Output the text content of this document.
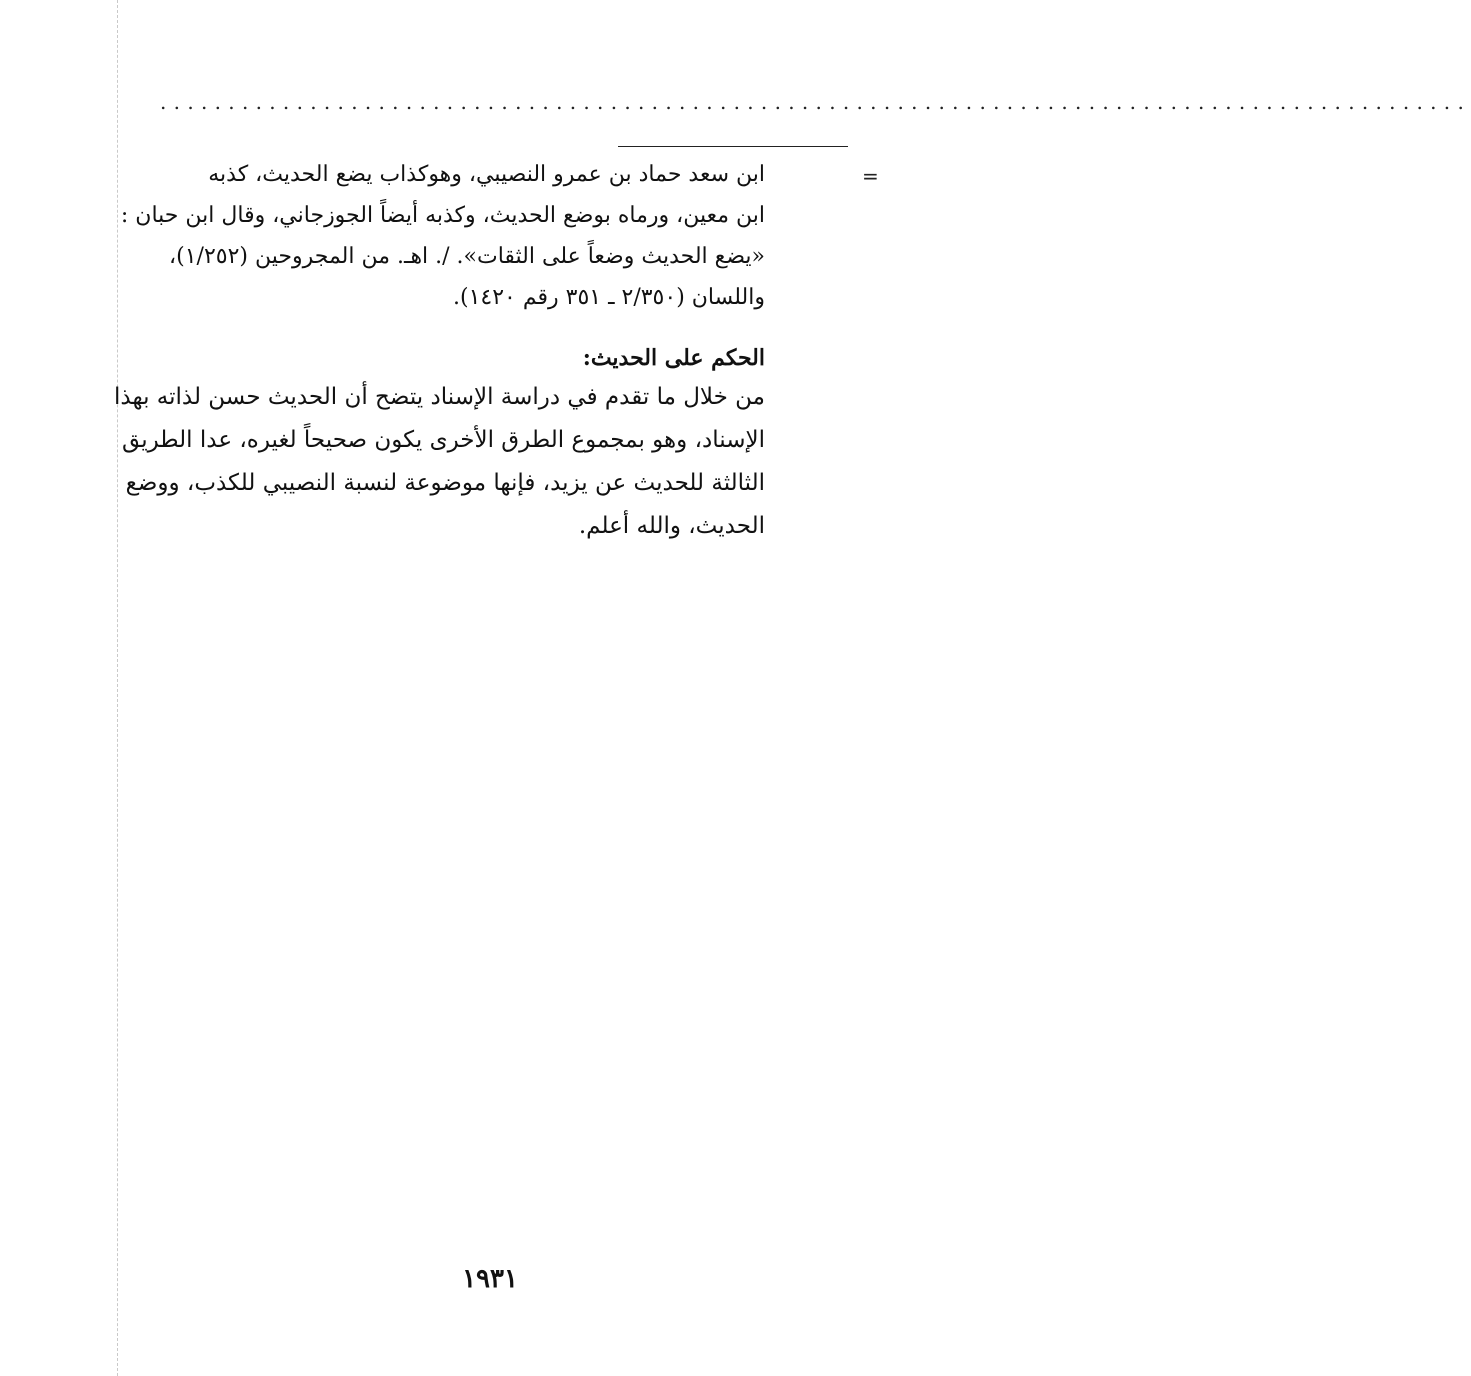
................................................................................................
=
ابن سعد حماد بن عمرو النصيبي، وهوكذاب يضع الحديث، كذبه
ابن معين، ورماه بوضع الحديث، وكذبه أيضاً الجوزجاني، وقال ابن حبان :
«يضع الحديث وضعاً على الثقات». /. اهـ. من المجروحين (١/٢٥٢)،
واللسان (٢/٣٥٠ ـ ٣٥١ رقم ١٤٢٠).
الحكم على الحديث:
من خلال ما تقدم في دراسة الإسناد يتضح أن الحديث حسن لذاته بهذا
الإسناد، وهو بمجموع الطرق الأخرى يكون صحيحاً لغيره، عدا الطريق
الثالثة للحديث عن يزيد، فإنها موضوعة لنسبة النصيبي للكذب، ووضع
الحديث، والله أعلم.
١٩٣١
